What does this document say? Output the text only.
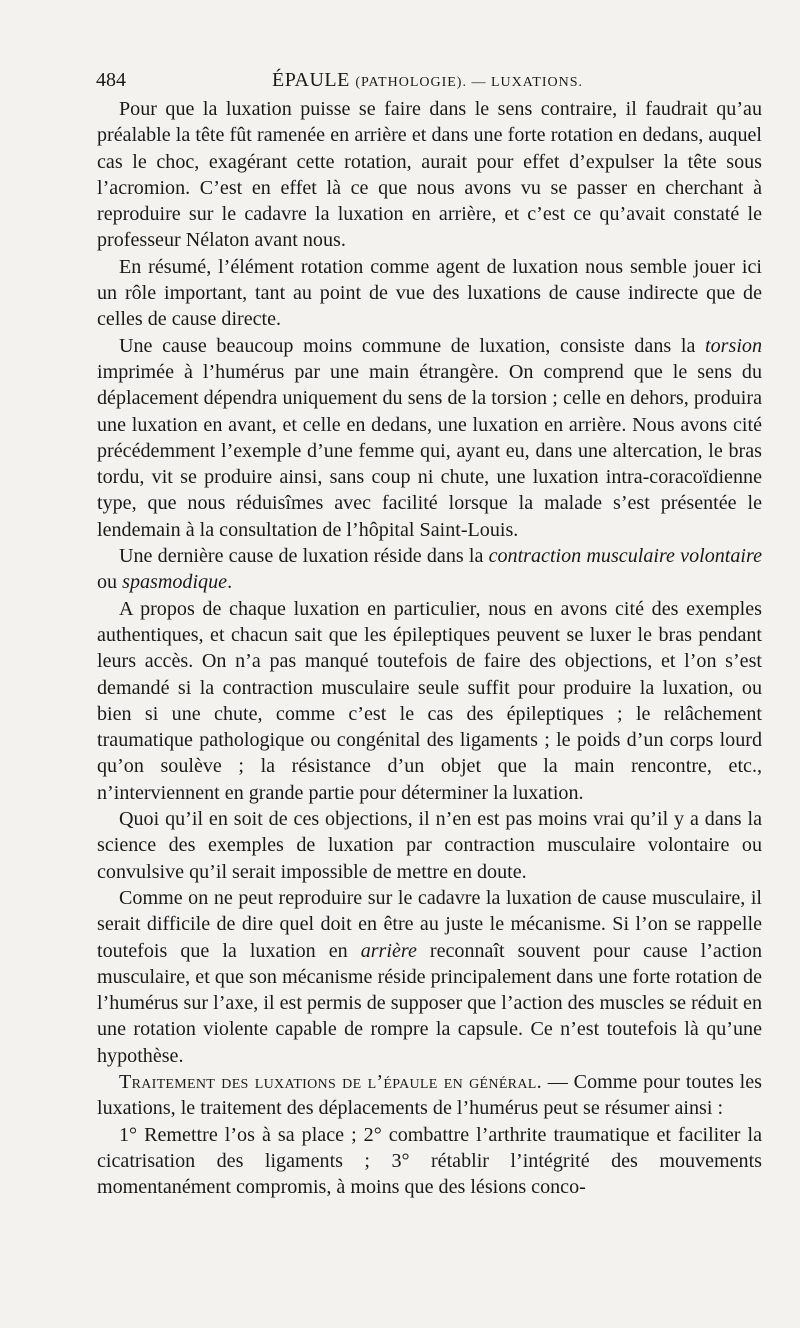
484	ÉPAULE (PATHOLOGIE). — LUXATIONS.

Pour que la luxation puisse se faire dans le sens contraire, il faudrait qu’au préalable la tête fût ramenée en arrière et dans une forte rotation en dedans, auquel cas le choc, exagérant cette rotation, aurait pour effet d’expulser la tête sous l’acromion. C’est en effet là ce que nous avons vu se passer en cherchant à reproduire sur le cadavre la luxation en arrière, et c’est ce qu’avait constaté le professeur Nélaton avant nous.

En résumé, l’élément rotation comme agent de luxation nous semble jouer ici un rôle important, tant au point de vue des luxations de cause indirecte que de celles de cause directe.

Une cause beaucoup moins commune de luxation, consiste dans la torsion imprimée à l’humérus par une main étrangère. On comprend que le sens du déplacement dépendra uniquement du sens de la torsion ; celle en dehors, produira une luxation en avant, et celle en dedans, une luxation en arrière. Nous avons cité précédemment l’exemple d’une femme qui, ayant eu, dans une altercation, le bras tordu, vit se produire ainsi, sans coup ni chute, une luxation intra-coracoïdienne type, que nous réduisîmes avec facilité lorsque la malade s’est présentée le lendemain à la consultation de l’hôpital Saint-Louis.

Une dernière cause de luxation réside dans la contraction musculaire volontaire ou spasmodique.

A propos de chaque luxation en particulier, nous en avons cité des exemples authentiques, et chacun sait que les épileptiques peuvent se luxer le bras pendant leurs accès. On n’a pas manqué toutefois de faire des objections, et l’on s’est demandé si la contraction musculaire seule suffit pour produire la luxation, ou bien si une chute, comme c’est le cas des épileptiques ; le relâchement traumatique pathologique ou congénital des ligaments ; le poids d’un corps lourd qu’on soulève ; la résistance d’un objet que la main rencontre, etc., n’interviennent en grande partie pour déterminer la luxation.

Quoi qu’il en soit de ces objections, il n’en est pas moins vrai qu’il y a dans la science des exemples de luxation par contraction musculaire volontaire ou convulsive qu’il serait impossible de mettre en doute.

Comme on ne peut reproduire sur le cadavre la luxation de cause musculaire, il serait difficile de dire quel doit en être au juste le mécanisme. Si l’on se rappelle toutefois que la luxation en arrière reconnaît souvent pour cause l’action musculaire, et que son mécanisme réside principalement dans une forte rotation de l’humérus sur l’axe, il est permis de supposer que l’action des muscles se réduit en une rotation violente capable de rompre la capsule. Ce n’est toutefois là qu’une hypothèse.

Traitement des luxations de l’épaule en général. — Comme pour toutes les luxations, le traitement des déplacements de l’humérus peut se résumer ainsi :

1° Remettre l’os à sa place ; 2° combattre l’arthrite traumatique et faciliter la cicatrisation des ligaments ; 3° rétablir l’intégrité des mouvements momentanément compromis, à moins que des lésions conco-
